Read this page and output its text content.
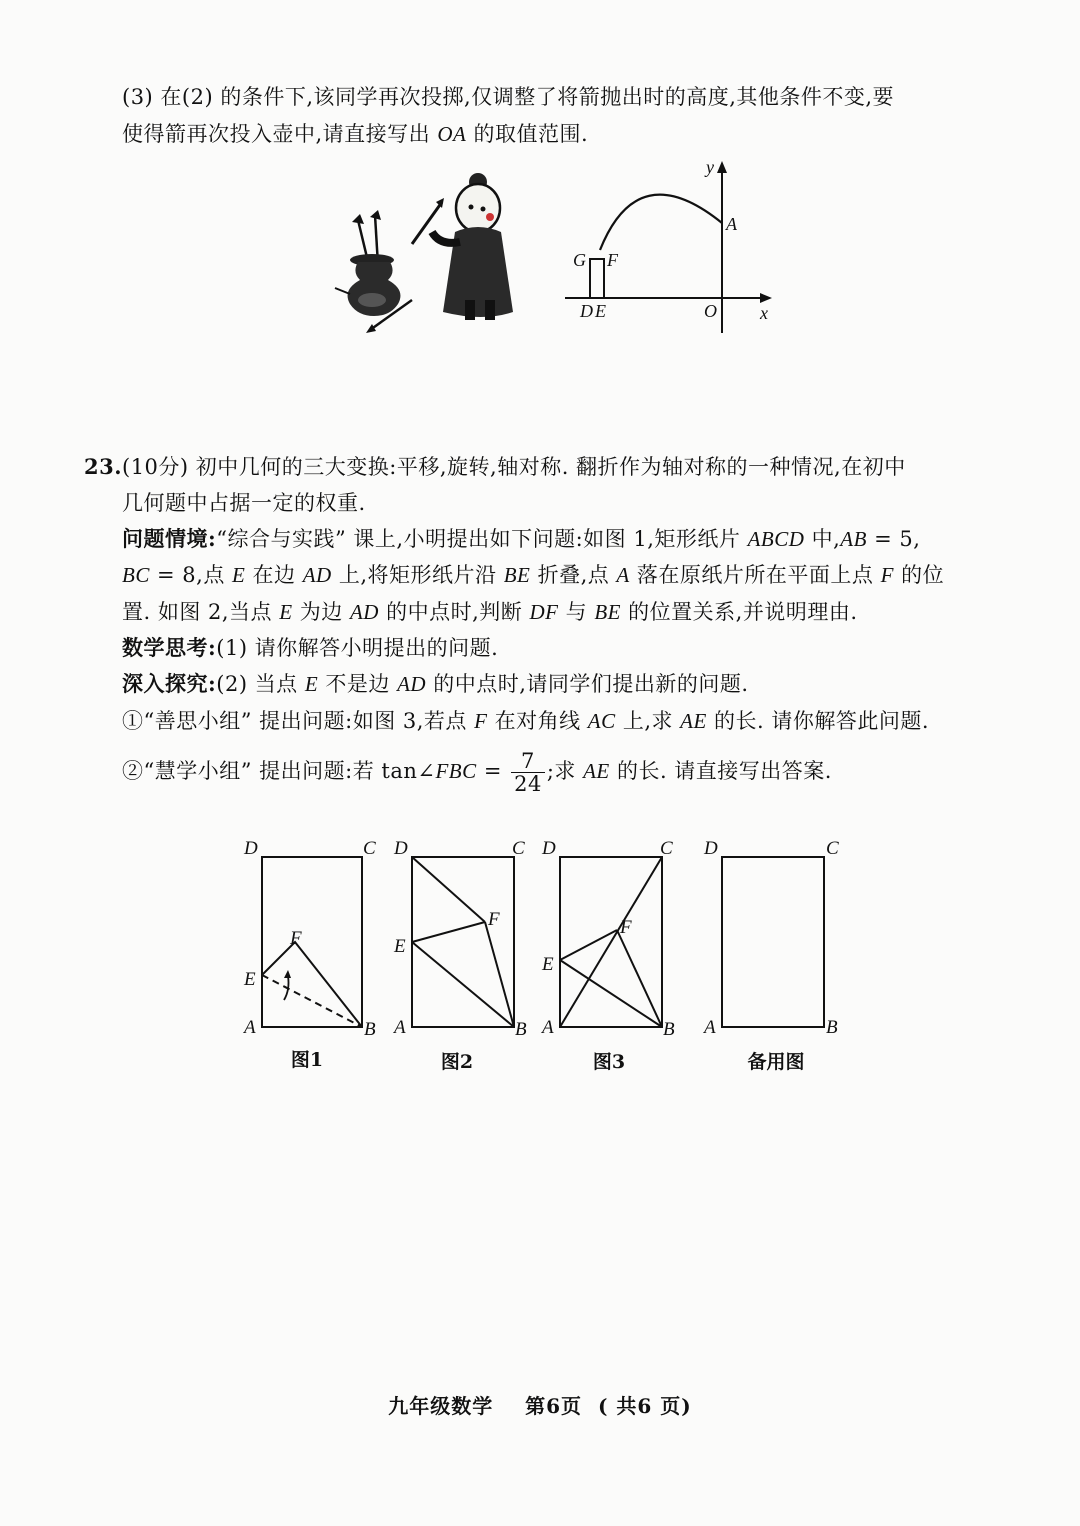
(3) 在(2) 的条件下,该同学再次投掷,仅调整了将箭抛出时的高度,其他条件不变,要
使得箭再次投入壶中,请直接写出 OA 的取值范围.
y
A
G F
D E	O x
23. (10分) 初中几何的三大变换:平移,旋转,轴对称. 翻折作为轴对称的一种情况,在初中
几何题中占据一定的权重.
问题情境:“综合与实践” 课上,小明提出如下问题:如图 1,矩形纸片 ABCD 中,AB = 5,
BC = 8,点 E 在边 AD 上,将矩形纸片沿 BE 折叠,点 A 落在原纸片所在平面上点 F 的位
置. 如图 2,当点 E 为边 AD 的中点时,判断 DF 与 BE 的位置关系,并说明理由.
数学思考:(1) 请你解答小明提出的问题.
深入探究:(2) 当点 E 不是边 AD 的中点时,请同学们提出新的问题.
①“善思小组” 提出问题:如图 3,若点 F 在对角线 AC 上,求 AE 的长. 请你解答此问题.
②“慧学小组” 提出问题:若 tan∠FBC = $\frac{7}{24}$ ;求 AE 的长. 请直接写出答案.
D	C
E
F
A	B
D	C
E
F
A	B
D	C
E
F
A	B
D	C
A	B
图1	图2	图3	备用图
九年级数学    第6页  ( 共6 页)
